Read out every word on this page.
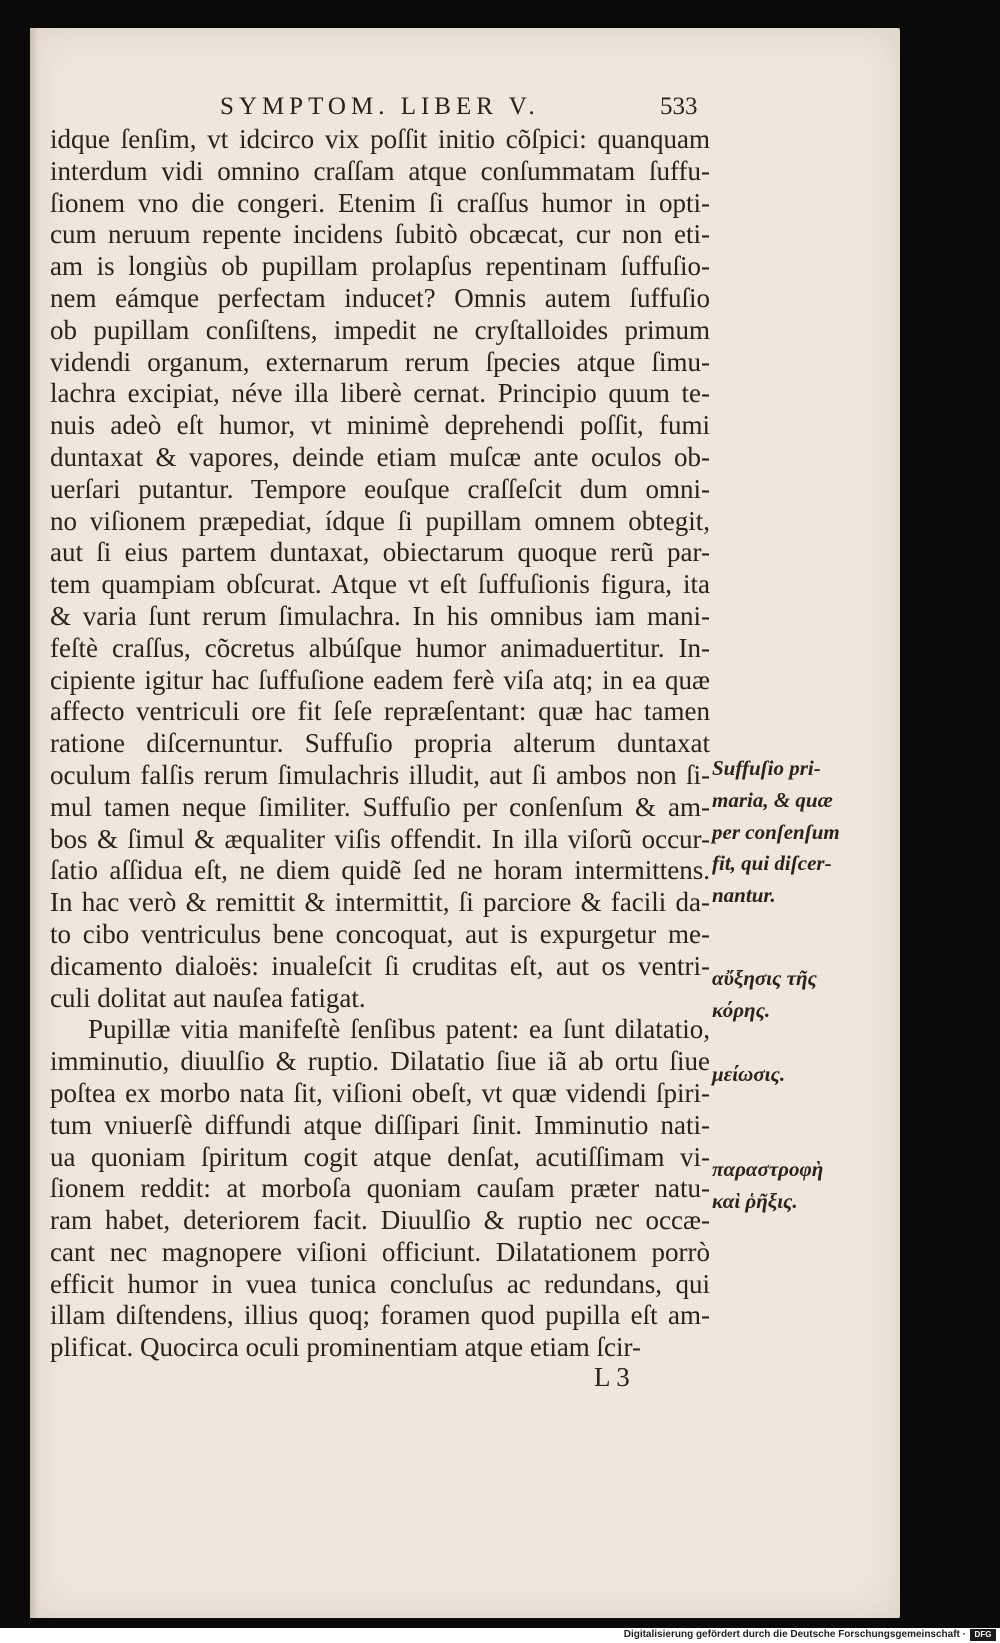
SYMPTOM. LIBER V.	533
idque ſenſim, vt idcirco vix poſſit initio cõſpici: quanquam
interdum vidi omnino craſſam atque conſummatam ſuffu-
ſionem vno die congeri. Etenim ſi craſſus humor in opti-
cum neruum repente incidens ſubitò obcæcat, cur non eti-
am is longiùs ob pupillam prolapſus repentinam ſuffuſio-
nem eámque perfectam inducet? Omnis autem ſuffuſio
ob pupillam conſiſtens, impedit ne cryſtalloides primum
videndi organum, externarum rerum ſpecies atque ſimu-
lachra excipiat, néve illa liberè cernat. Principio quum te-
nuis adeò eſt humor, vt minimè deprehendi poſſit, fumi
duntaxat & vapores, deinde etiam muſcæ ante oculos ob-
uerſari putantur. Tempore eouſque craſſeſcit dum omni-
no viſionem præpediat, ídque ſi pupillam omnem obtegit,
aut ſi eius partem duntaxat, obiectarum quoque rerũ par-
tem quampiam obſcurat. Atque vt eſt ſuffuſionis figura, ita
& varia ſunt rerum ſimulachra. In his omnibus iam mani-
feſtè craſſus, cõcretus albúſque humor animaduertitur. In-
cipiente igitur hac ſuffuſione eadem ferè viſa atq; in ea quæ
affecto ventriculi ore fit ſeſe repræſentant: quæ hac tamen
ratione diſcernuntur. Suffuſio propria alterum duntaxat
oculum falſis rerum ſimulachris illudit, aut ſi ambos non ſi-
mul tamen neque ſimiliter. Suffuſio per conſenſum & am-
bos & ſimul & æqualiter viſis offendit. In illa viſorũ occur-
ſatio aſſidua eſt, ne diem quidẽ ſed ne horam intermittens.
In hac verò & remittit & intermittit, ſi parciore & facili da-
to cibo ventriculus bene concoquat, aut is expurgetur me-
dicamento dialoës: inualeſcit ſi cruditas eſt, aut os ventri-
culi dolitat aut nauſea fatigat.
Pupillæ vitia manifeſtè ſenſibus patent: ea ſunt dilatatio,
imminutio, diuulſio & ruptio. Dilatatio ſiue iã ab ortu ſiue
poſtea ex morbo nata ſit, viſioni obeſt, vt quæ videndi ſpiri-
tum vniuerſè diffundi atque diſſipari ſinit. Imminutio nati-
ua quoniam ſpiritum cogit atque denſat, acutiſſimam vi-
ſionem reddit: at morboſa quoniam cauſam præter natu-
ram habet, deteriorem facit. Diuulſio & ruptio nec occæ-
cant nec magnopere viſioni officiunt. Dilatationem porrò
efficit humor in vuea tunica concluſus ac redundans, qui
illam diſtendens, illius quoq; foramen quod pupilla eſt am-
plificat. Quocirca oculi prominentiam atque etiam ſcir-
Suffuſio pri-
maria, & quæ
per conſenſum
fit, qui diſcer-
nantur.
αὔξησις τῆς
κόρης.
μείωσις.
παραστροφὴ
καὶ ῥῆξις.
L 3
Digitalisierung gefördert durch die Deutsche Forschungsgemeinschaft ·	DFG
